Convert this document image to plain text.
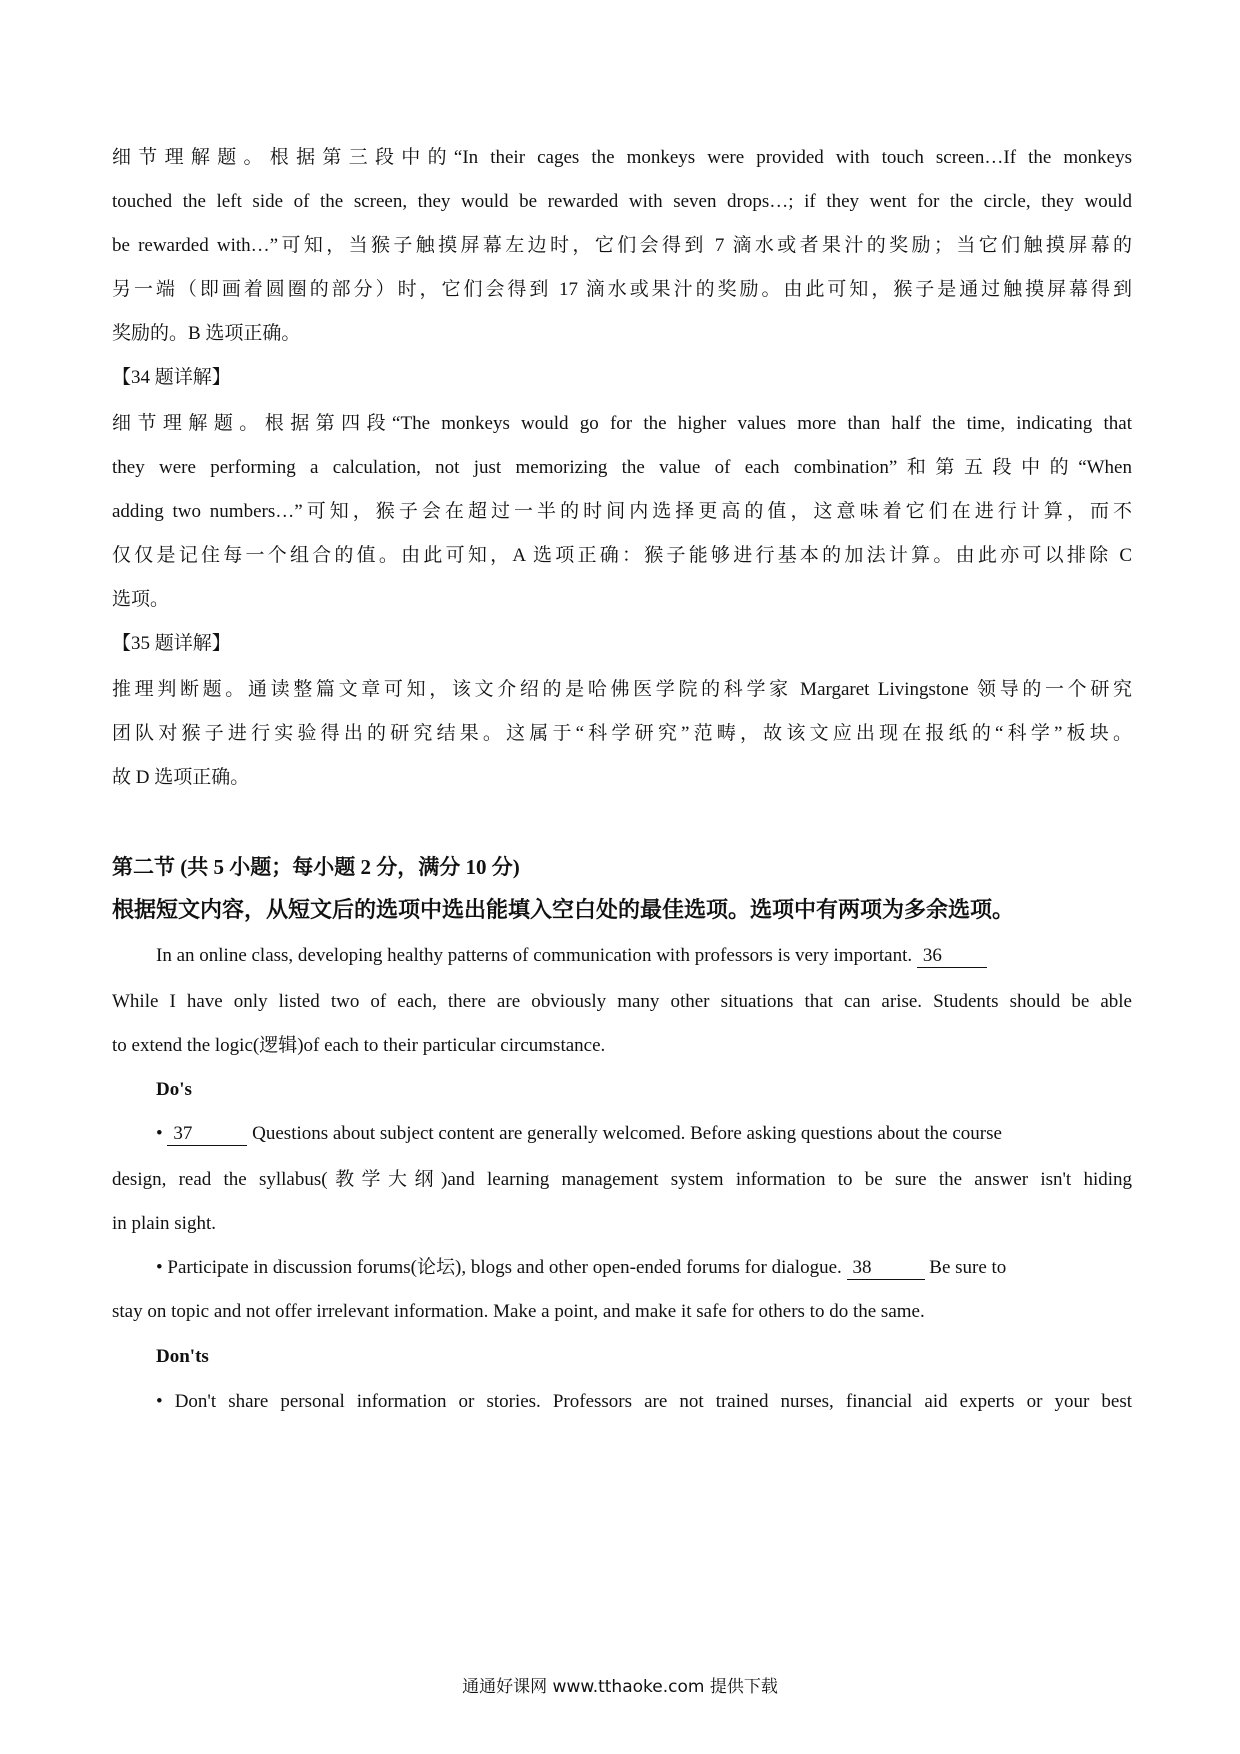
细节理解题。根据第三段中的“In their cages the monkeys were provided with touch screen…If the monkeys
touched the left side of the screen, they would be rewarded with seven drops…; if they went for the circle, they would
be rewarded with…”可知，当猴子触摸屏幕左边时，它们会得到 7 滴水或者果汁的奖励；当它们触摸屏幕的
另一端（即画着圆圈的部分）时，它们会得到 17 滴水或果汁的奖励。由此可知，猴子是通过触摸屏幕得到
奖励的。B 选项正确。
【34 题详解】
细节理解题。根据第四段“The monkeys would go for the higher values more than half the time, indicating that
they were performing a calculation, not just memorizing the value of each combination”和第五段中的“When
adding two numbers…”可知，猴子会在超过一半的时间内选择更高的值，这意味着它们在进行计算，而不
仅仅是记住每一个组合的值。由此可知，A 选项正确：猴子能够进行基本的加法计算。由此亦可以排除 C
选项。
【35 题详解】
推理判断题。通读整篇文章可知，该文介绍的是哈佛医学院的科学家 Margaret Livingstone 领导的一个研究
团队对猴子进行实验得出的研究结果。这属于“科学研究”范畴，故该文应出现在报纸的“科学”板块。
故 D 选项正确。
第二节 (共 5 小题；每小题 2 分，满分 10 分)
根据短文内容，从短文后的选项中选出能填入空白处的最佳选项。选项中有两项为多余选项。
In an online class, developing healthy patterns of communication with professors is very important. 36
While I have only listed two of each, there are obviously many other situations that can arise. Students should be able
to extend the logic(逻辑)of each to their particular circumstance.
Do's
• 37	Questions about subject content are generally welcomed. Before asking questions about the course
design, read the syllabus(教学大纲)and learning management system information to be sure the answer isn't hiding
in plain sight.
• Participate in discussion forums(论坛), blogs and other open-ended forums for dialogue. 38	Be sure to
stay on topic and not offer irrelevant information. Make a point, and make it safe for others to do the same.
Don'ts
• Don't share personal information or stories. Professors are not trained nurses, financial aid experts or your best
通通好课网 www.tthaoke.com 提供下载
